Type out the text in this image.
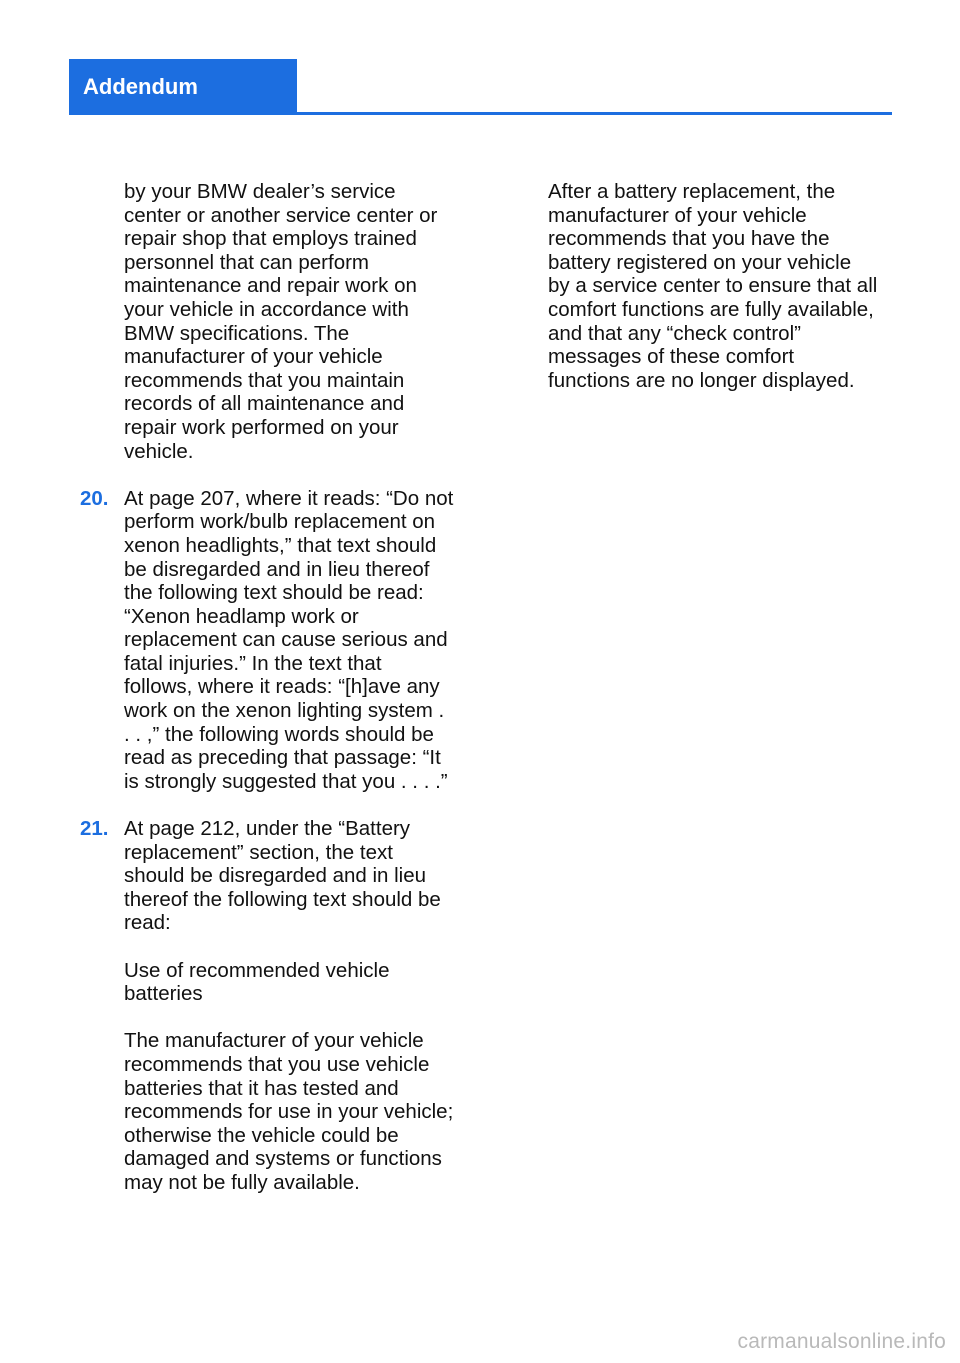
Addendum

by your BMW dealer’s service
center or another service center or
repair shop that employs trained
personnel that can perform
maintenance and repair work on
your vehicle in accordance with
BMW specifications. The
manufacturer of your vehicle
recommends that you maintain
records of all maintenance and
repair work performed on your
vehicle.

20. At page 207, where it reads: “Do not
perform work/bulb replacement on
xenon headlights,” that text should
be disregarded and in lieu thereof
the following text should be read:
“Xenon headlamp work or
replacement can cause serious and
fatal injuries.” In the text that
follows, where it reads: “[h]ave any
work on the xenon lighting system .
. . ,” the following words should be
read as preceding that passage: “It
is strongly suggested that you . . . .”

21. At page 212, under the “Battery
replacement” section, the text
should be disregarded and in lieu
thereof the following text should be
read:

Use of recommended vehicle
batteries

The manufacturer of your vehicle
recommends that you use vehicle
batteries that it has tested and
recommends for use in your vehicle;
otherwise the vehicle could be
damaged and systems or functions
may not be fully available.

After a battery replacement, the
manufacturer of your vehicle
recommends that you have the
battery registered on your vehicle
by a service center to ensure that all
comfort functions are fully available,
and that any “check control”
messages of these comfort
functions are no longer displayed.

carmanualsonline.info
